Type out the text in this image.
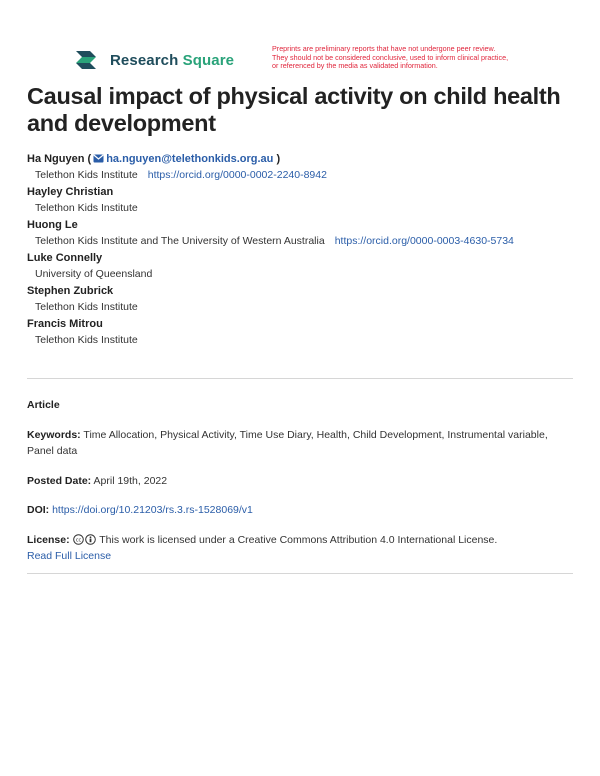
Research Square
Preprints are preliminary reports that have not undergone peer review.
They should not be considered conclusive, used to inform clinical practice,
or referenced by the media as validated information.
Causal impact of physical activity on child health and development
Ha Nguyen ( ha.nguyen@telethonkids.org.au )
Telethon Kids Institute https://orcid.org/0000-0002-2240-8942
Hayley Christian
Telethon Kids Institute
Huong Le
Telethon Kids Institute and The University of Western Australia https://orcid.org/0000-0003-4630-5734
Luke Connelly
University of Queensland
Stephen Zubrick
Telethon Kids Institute
Francis Mitrou
Telethon Kids Institute
Article
Keywords: Time Allocation, Physical Activity, Time Use Diary, Health, Child Development, Instrumental variable, Panel data
Posted Date: April 19th, 2022
DOI: https://doi.org/10.21203/rs.3.rs-1528069/v1
License: cc This work is licensed under a Creative Commons Attribution 4.0 International License.
Read Full License
